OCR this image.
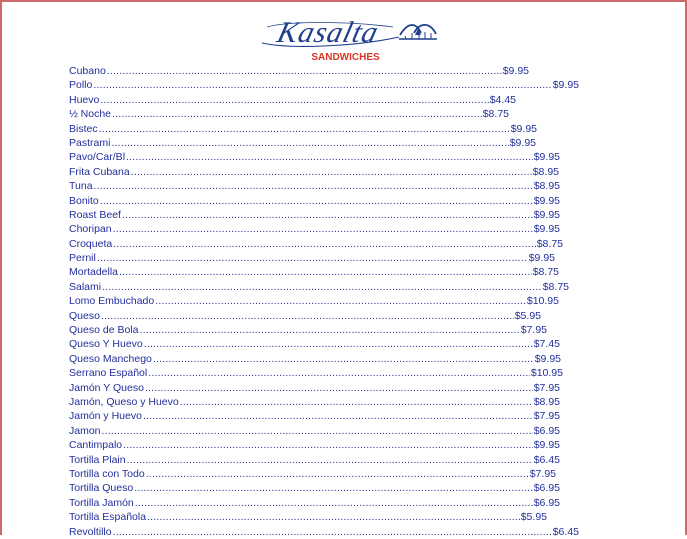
Kasalta
SANDWICHES
Cubano .....	$9.95
Pollo .....	$9.95
Huevo .....	$4.45
½ Noche .....	$8.75
Bistec .....	$9.95
Pastrami .....	$9.95
Pavo/Car/Bl .....	$9.95
Frita Cubana .....	$8.95
Tuna .....	$8.95
Bonito .....	$9.95
Roast Beef .....	$9.95
Choripan .....	$9.95
Croqueta .....	$8.75
Pernil .....	$9.95
Mortadella .....	$8.75
Salami .....	$8.75
Lomo Embuchado .....	$10.95
Queso .....	$5.95
Queso de Bola .....	$7.95
Queso Y Huevo .....	$7.45
Queso Manchego .....	$9.95
Serrano Español .....	$10.95
Jamón Y Queso .....	$7.95
Jamón, Queso y Huevo .....	$8.95
Jamón y Huevo .....	$7.95
Jamon .....	$6.95
Cantimpalo .....	$9.95
Tortilla Plain .....	$6.45
Tortilla con Todo .....	$7.95
Tortilla Queso .....	$6.95
Tortilla Jamón .....	$6.95
Tortilla Española .....	$5.95
Revoltillo .....	$6.45
